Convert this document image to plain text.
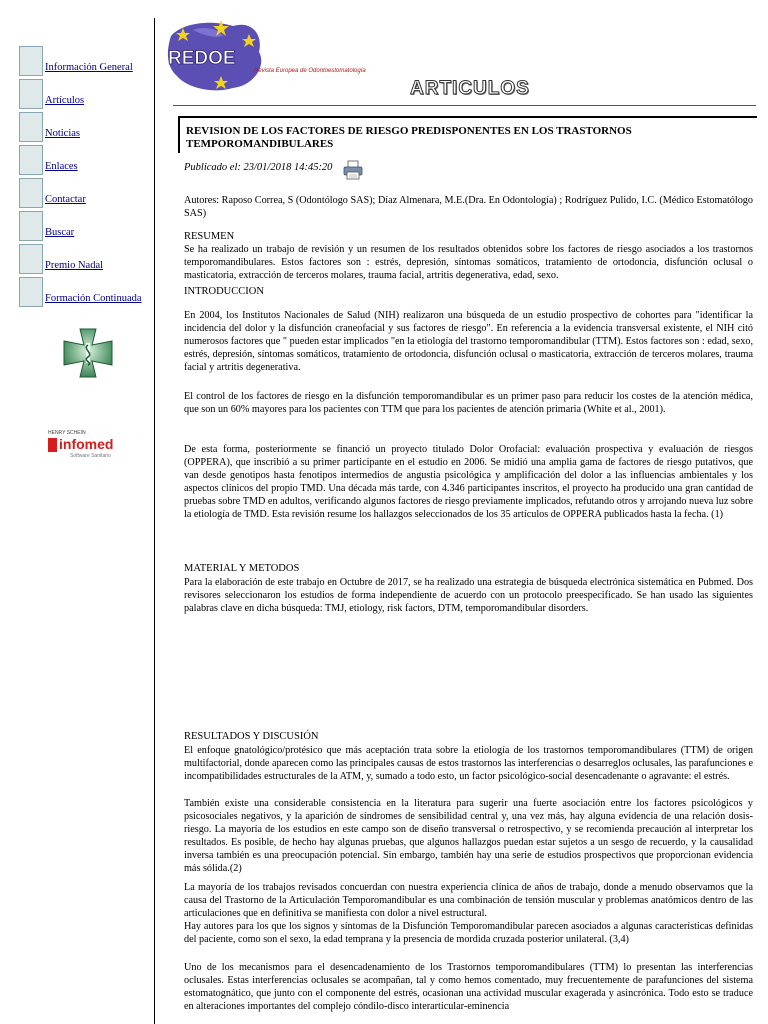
Información General
Artículos
Noticias
Enlaces
Contactar
Buscar
Premio Nadal
Formación Continuada
HENRY SCHEIN
infomed
Software Sanitario
REDOE
Revista Europea de Odontoestomatología
ARTICULOS
REVISION DE LOS FACTORES DE RIESGO PREDISPONENTES EN LOS TRASTORNOS TEMPOROMANDIBULARES
Publicado el: 23/01/2018 14:45:20
Autores: Raposo Correa, S (Odontólogo SAS); Díaz Almenara, M.E.(Dra. En Odontología) ; Rodríguez Pulido, I.C. (Médico Estomatólogo SAS)
RESUMEN
Se ha realizado un trabajo de revisión y un resumen de los resultados obtenidos sobre los factores de riesgo asociados a los trastornos temporomandibulares. Estos factores son : estrés, depresión, síntomas somáticos, tratamiento de ortodoncia, disfunción oclusal o masticatoria, extracción de terceros molares, trauma facial, artritis degenerativa, edad, sexo.
INTRODUCCION
En 2004, los Institutos Nacionales de Salud (NIH) realizaron una búsqueda de un estudio prospectivo de cohortes para "identificar la incidencia del dolor y la disfunción craneofacial y sus factores de riesgo". En referencia a la evidencia transversal existente, el NIH citó numerosos factores que " pueden estar implicados "en la etiología del trastorno temporomandibular (TTM). Estos factores son : edad, sexo, estrés, depresión, síntomas somáticos, tratamiento de ortodoncia, disfunción oclusal o masticatoria, extracción de terceros molares, trauma facial y artritis degenerativa.
El control de los factores de riesgo en la disfunción temporomandibular es un primer paso para reducir los costes de la atención médica, que son un 60% mayores para los pacientes con TTM que para los pacientes de atención primaria (White et al., 2001).
De esta forma, posteriormente se financió un proyecto titulado Dolor Orofacial: evaluación prospectiva y evaluación de riesgos (OPPERA), que inscribió a su primer participante en el estudio en 2006. Se midió una amplia gama de factores de riesgo putativos, que van desde genotipos hasta fenotipos intermedios de angustia psicológica y amplificación del dolor a las influencias ambientales y los aspectos clínicos del propio TMD. Una década más tarde, con 4.346 participantes inscritos, el proyecto ha producido una gran cantidad de pruebas sobre TMD en adultos, verificando algunos factores de riesgo previamente implicados, refutando otros y arrojando nueva luz sobre la etiología de TMD. Esta revisión resume los hallazgos seleccionados de los 35 artículos de OPPERA publicados hasta la fecha. (1)
MATERIAL Y METODOS
Para la elaboración de este trabajo en Octubre de 2017, se ha realizado una estrategia de búsqueda electrónica sistemática en Pubmed. Dos revisores seleccionaron los estudios de forma independiente de acuerdo con un protocolo preespecificado. Se han usado las siguientes palabras clave en dicha búsqueda: TMJ, etiology, risk factors, DTM, temporomandibular disorders.
RESULTADOS Y DISCUSIÓN
El enfoque gnatológico/protésico que más aceptación trata sobre la etiología de los trastornos temporomandibulares (TTM) de origen multifactorial, donde aparecen como las principales causas de estos trastornos las interferencias o desarreglos oclusales, las parafunciones e incompatibilidades estructurales de la ATM, y, sumado a todo esto, un factor psicológico-social desencadenante o agravante: el estrés.
También existe una considerable consistencia en la literatura para sugerir una fuerte asociación entre los factores psicológicos y psicosociales negativos, y la aparición de síndromes de sensibilidad central y, una vez más, hay alguna evidencia de una relación dosis-riesgo. La mayoría de los estudios en este campo son de diseño transversal o retrospectivo, y se recomienda precaución al interpretar los resultados. Es posible, de hecho hay algunas pruebas, que algunos hallazgos puedan estar sujetos a un sesgo de recuerdo, y la causalidad inversa también es una preocupación potencial. Sin embargo, también hay una serie de estudios prospectivos que proporcionan evidencia más sólida.(2)
La mayoría de los trabajos revisados concuerdan con nuestra experiencia clínica de años de trabajo, donde a menudo observamos que la causa del Trastorno de la Articulación Temporomandibular es una combinación de tensión muscular y problemas anatómicos dentro de las articulaciones que en definitiva se manifiesta con dolor a nivel estructural.
Hay autores para los que los signos y síntomas de la Disfunción Temporomandibular parecen asociados a algunas características definidas del paciente, como son el sexo, la edad temprana y la presencia de mordida cruzada posterior unilateral. (3,4)
Uno de los mecanismos para el desencadenamiento de los Trastornos temporomandibulares (TTM) lo presentan las interferencias oclusales. Estas interferencias oclusales se acompañan, tal y como hemos comentado, muy frecuentemente de parafunciones del sistema estomatognático, que junto con el componente del estrés, ocasionan una actividad muscular exagerada y asincrónica. Todo esto se traduce en alteraciones importantes del complejo cóndilo-disco interarticular-eminencia
